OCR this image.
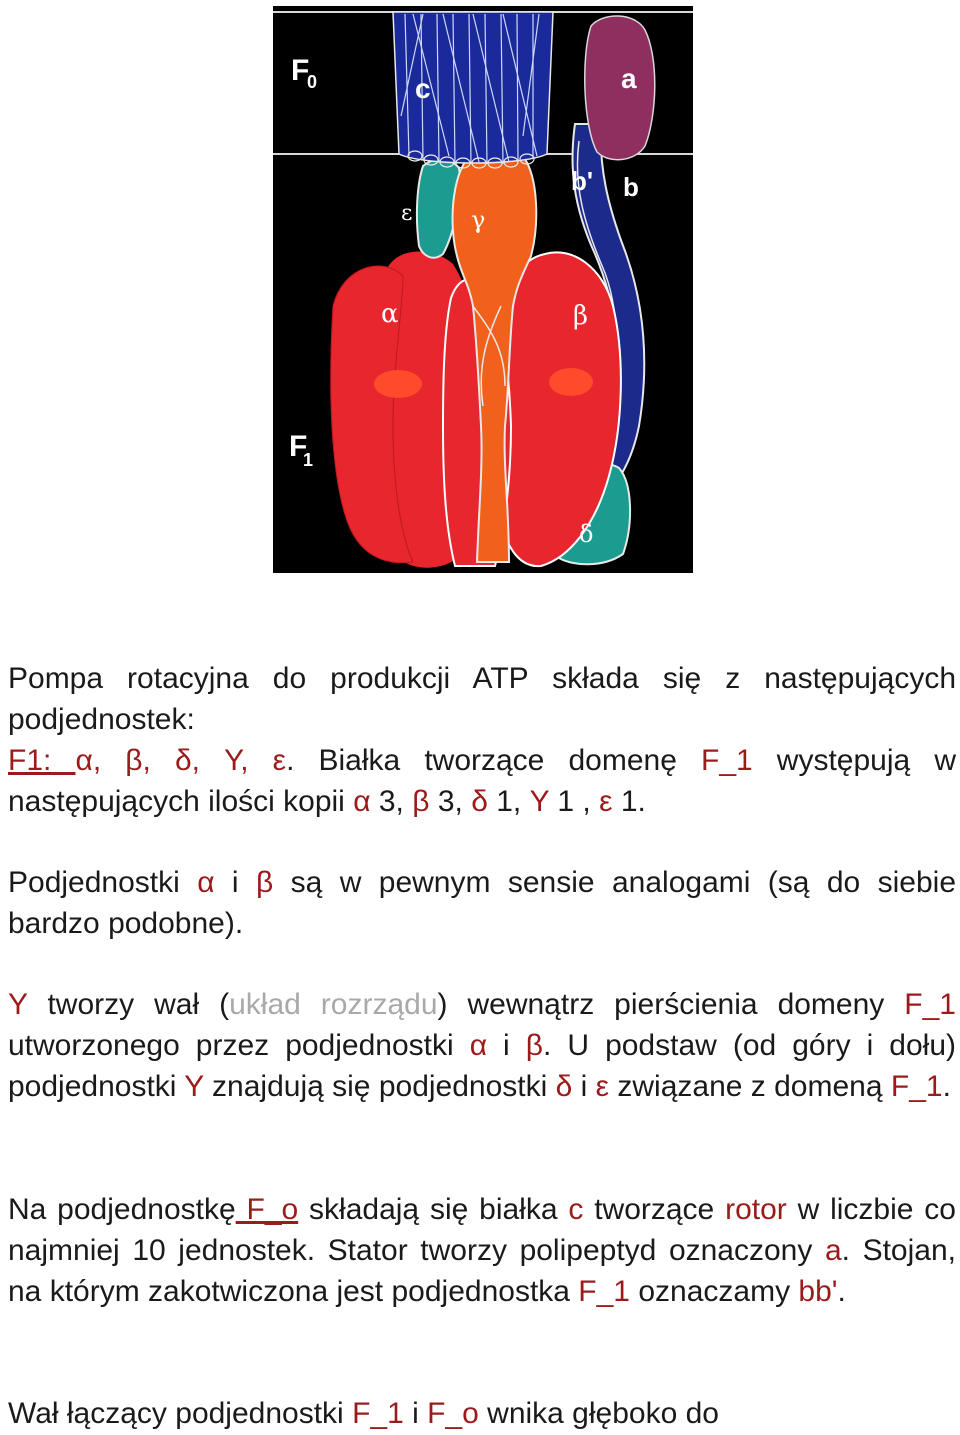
F
0
F
1
c	a
b' b
ε γ
α	β
δ

Pompa rotacyjna do produkcji ATP składa się z następujących podjednostek:
F1: α, β, δ, Y, ε. Białka tworzące domenę F_1 występują w następujących ilości kopii α 3, β 3, δ 1, Y 1 , ε 1.

Podjednostki α i β są w pewnym sensie analogami (są do siebie bardzo podobne).

Y tworzy wał (układ rozrządu) wewnątrz pierścienia domeny F_1 utworzonego przez podjednostki α i β. U podstaw (od góry i dołu) podjednostki Y znajdują się podjednostki δ i ε związane z domeną F_1.

Na podjednostkę F_o składają się białka c tworzące rotor w liczbie co najmniej 10 jednostek. Stator tworzy polipeptyd oznaczony a. Stojan, na którym zakotwiczona jest podjednostka F_1 oznaczamy bb'.

Wał łączący podjednostki F_1 i F_o wnika głęboko do
